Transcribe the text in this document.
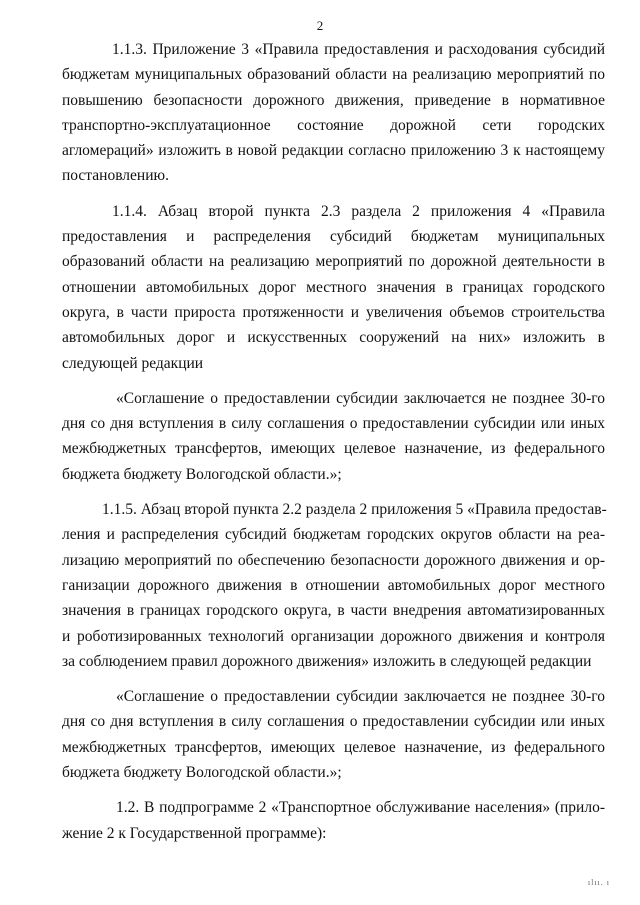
2

1.1.3. Приложение 3 «Правила предоставления и расходования субсидий
бюджетам муниципальных образований области на реализацию мероприятий по
повышению безопасности дорожного движения, приведение в нормативное
транспортно-эксплуатационное состояние дорожной сети городских
агломераций» изложить в новой редакции согласно приложению 3 к настоящему
постановлению.

1.1.4. Абзац второй пункта 2.3 раздела 2 приложения 4 «Правила
предоставления и распределения субсидий бюджетам муниципальных
образований области на реализацию мероприятий по дорожной деятельности в
отношении автомобильных дорог местного значения в границах городского
округа, в части прироста протяженности и увеличения объемов строительства
автомобильных дорог и искусственных сооружений на них» изложить в
следующей редакции

«Соглашение о предоставлении субсидии заключается не позднее 30-го
дня со дня вступления в силу соглашения о предоставлении субсидии или иных
межбюджетных трансфертов, имеющих целевое назначение, из федерального
бюджета бюджету Вологодской области.»;

1.1.5. Абзац второй пункта 2.2 раздела 2 приложения 5 «Правила предостав-
ления и распределения субсидий бюджетам городских округов области на реа-
лизацию мероприятий по обеспечению безопасности дорожного движения и ор-
ганизации дорожного движения в отношении автомобильных дорог местного
значения в границах городского округа, в части внедрения автоматизированных
и роботизированных технологий организации дорожного движения и контроля
за соблюдением правил дорожного движения» изложить в следующей редакции

«Соглашение о предоставлении субсидии заключается не позднее 30-го
дня со дня вступления в силу соглашения о предоставлении субсидии или иных
межбюджетных трансфертов, имеющих целевое назначение, из федерального
бюджета бюджету Вологодской области.»;

1.2. В подпрограмме 2 «Транспортное обслуживание населения» (прило-
жение 2 к Государственной программе):

ılıı. ı
